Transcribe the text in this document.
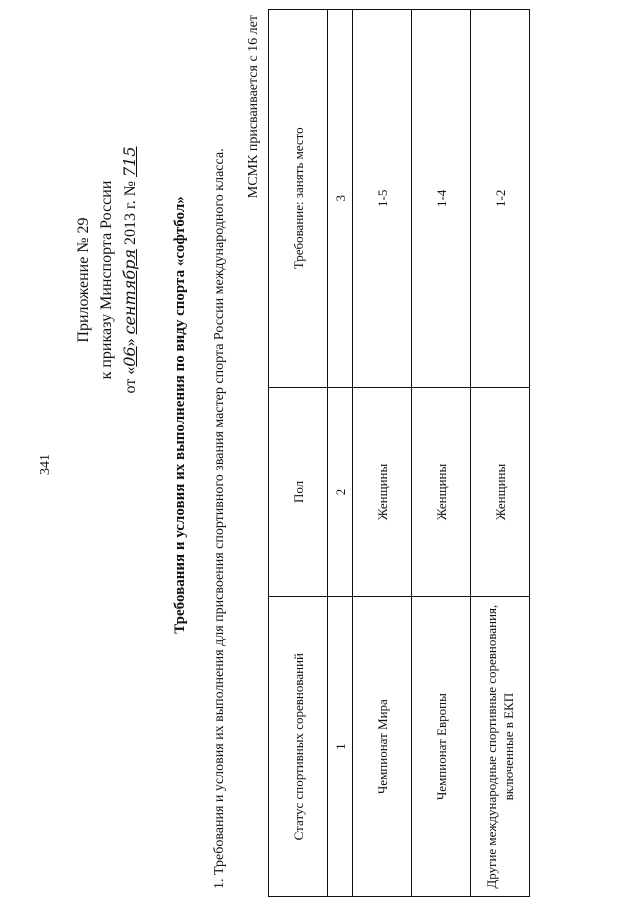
341
Приложение № 29 к приказу Минспорта России
от «06» сентября 2013 г. № 715
Требования и условия их выполнения по виду спорта «софтбол» 1. Требования и условия их выполнения для присвоения спортивного звания мастер спорта России международного класса.
МСМК присваивается с 16 лет
Статус спортивных соревнований	Пол	Требование: занять место
1	2	3
Чемпионат Мира	Женщины	1-5
Чемпионат Европы	Женщины	1-4
Другие международные спортивные соревнования, включенные в ЕКП	Женщины	1-2
